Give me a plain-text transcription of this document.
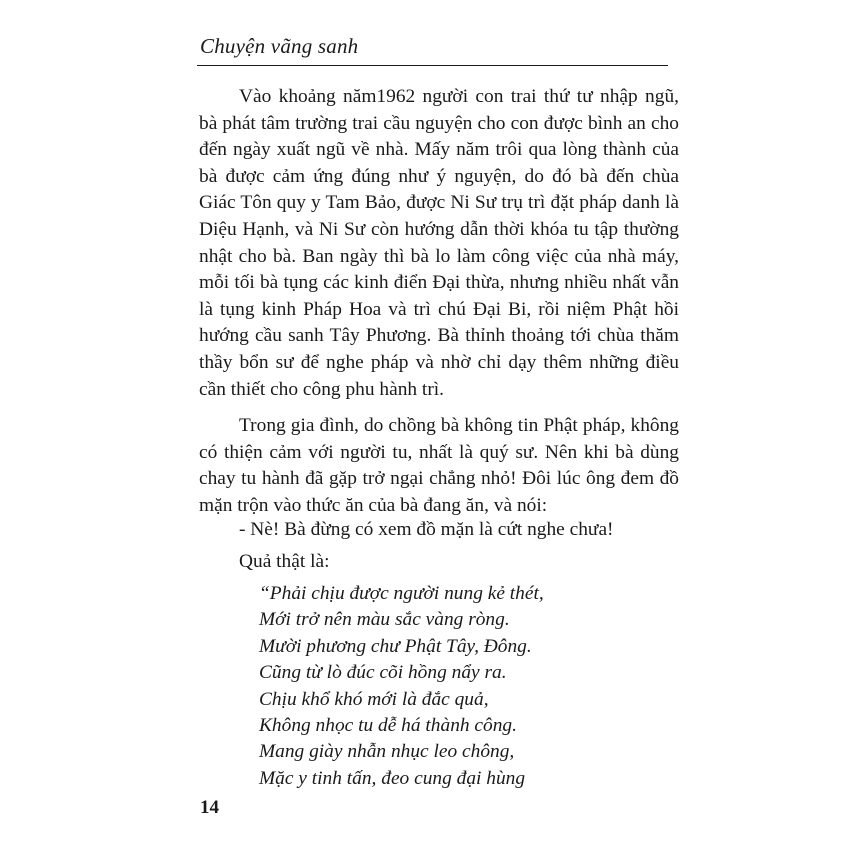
Chuyện vãng sanh

Vào khoảng năm1962 người con trai thứ tư nhập ngũ, bà phát tâm trường trai cầu nguyện cho con được bình an cho đến ngày xuất ngũ về nhà. Mấy năm trôi qua lòng thành của bà được cảm ứng đúng như ý nguyện, do đó bà đến chùa Giác Tôn quy y Tam Bảo, được Ni Sư trụ trì đặt pháp danh là Diệu Hạnh, và Ni Sư còn hướng dẫn thời khóa tu tập thường nhật cho bà. Ban ngày thì bà lo làm công việc của nhà máy, mỗi tối bà tụng các kinh điển Đại thừa, nhưng nhiều nhất vẫn là tụng kinh Pháp Hoa và trì chú Đại Bi, rồi niệm Phật hồi hướng cầu sanh Tây Phương. Bà thỉnh thoảng tới chùa thăm thầy bổn sư để nghe pháp và nhờ chỉ dạy thêm những điều cần thiết cho công phu hành trì.

Trong gia đình, do chồng bà không tin Phật pháp, không có thiện cảm với người tu, nhất là quý sư. Nên khi bà dùng chay tu hành đã gặp trở ngại chẳng nhỏ! Đôi lúc ông đem đồ mặn trộn vào thức ăn của bà đang ăn, và nói:

- Nè! Bà đừng có xem đồ mặn là cứt nghe chưa!
Quả thật là:
“Phải chịu được người nung kẻ thét,
Mới trở nên màu sắc vàng ròng.
Mười phương chư Phật Tây, Đông.
Cũng từ lò đúc cõi hồng nẩy ra.
Chịu khổ khó mới là đắc quả,
Không nhọc tu dễ há thành công.
Mang giày nhẫn nhục leo chông,
Mặc y tinh tấn, đeo cung đại hùng
14
